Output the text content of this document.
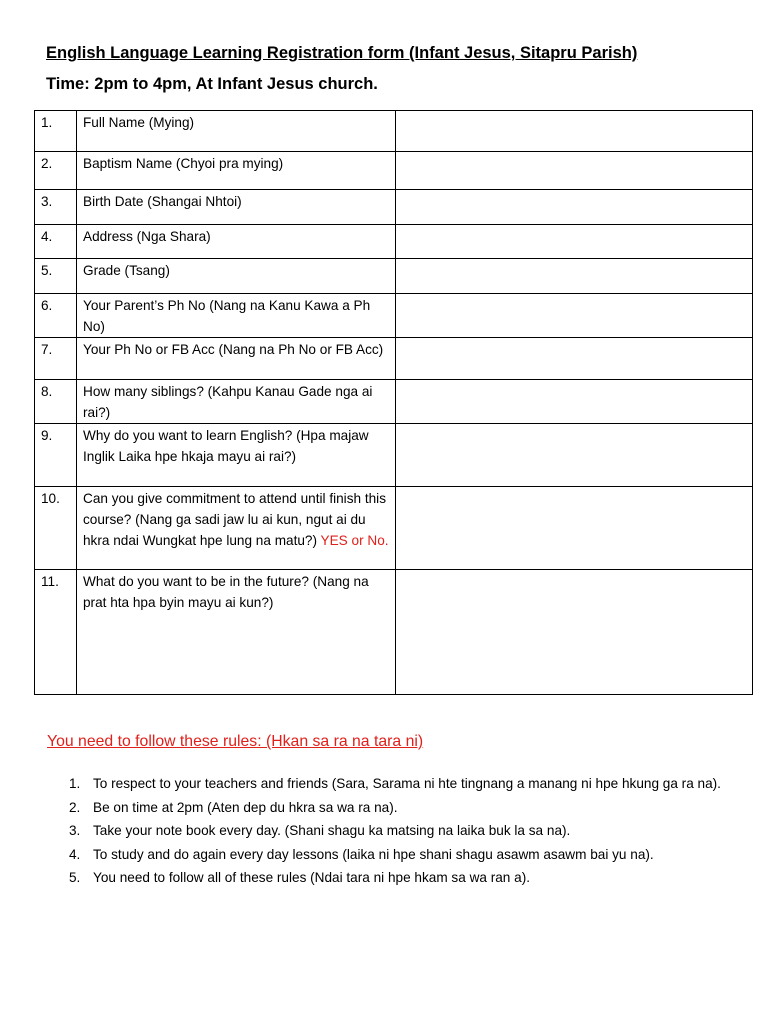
English Language Learning Registration form (Infant Jesus, Sitapru Parish)
Time: 2pm to 4pm, At Infant Jesus church.
1.	Full Name (Mying)	
2.	Baptism Name (Chyoi pra mying)	
3.	Birth Date (Shangai Nhtoi)	
4.	Address (Nga Shara)	
5.	Grade (Tsang)	
6.	Your Parent’s Ph No (Nang na Kanu Kawa a Ph No)	
7.	Your Ph No or FB Acc (Nang na Ph No or FB Acc)	
8.	How many siblings? (Kahpu Kanau Gade nga ai rai?)	
9.	Why do you want to learn English? (Hpa majaw Inglik Laika hpe hkaja mayu ai rai?)	
10.	Can you give commitment to attend until finish this course? (Nang ga sadi jaw lu ai kun, ngut ai du hkra ndai Wungkat hpe lung na matu?) YES or No.	
11.	What do you want to be in the future? (Nang na prat hta hpa byin mayu ai kun?)	
You need to follow these rules: (Hkan sa ra na tara ni)
1. To respect to your teachers and friends (Sara, Sarama ni hte tingnang a manang ni hpe hkung ga ra na).
2. Be on time at 2pm (Aten dep du hkra sa wa ra na).
3. Take your note book every day. (Shani shagu ka matsing na laika buk la sa na).
4. To study and do again every day lessons (laika ni hpe shani shagu asawm asawm bai yu na).
5. You need to follow all of these rules (Ndai tara ni hpe hkam sa wa ran a).
